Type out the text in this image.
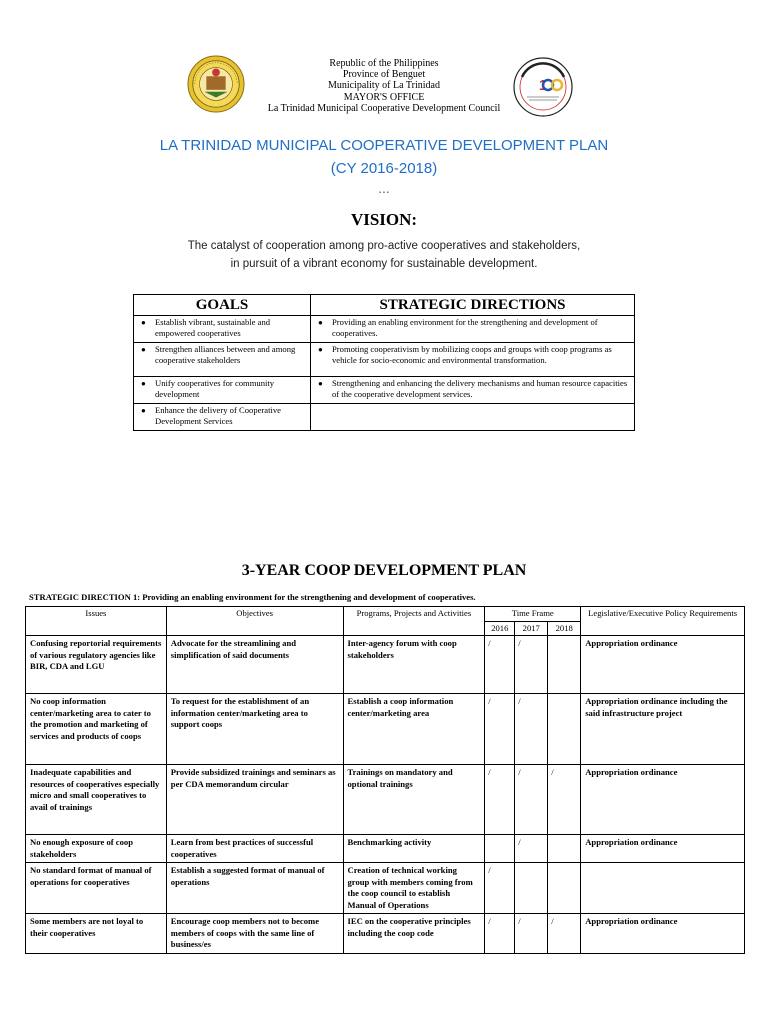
1
Republic of the Philippines
Province of Benguet
Municipality of La Trinidad
MAYOR'S OFFICE
La Trinidad Municipal Cooperative Development Council
LA TRINIDAD MUNICIPAL COOPERATIVE DEVELOPMENT PLAN
(CY 2016-2018)
...
VISION:
The catalyst of cooperation among pro-active cooperatives and stakeholders,
in pursuit of a vibrant economy for sustainable development.
GOALS	STRATEGIC DIRECTIONS

● Establish vibrant, sustainable and empowered cooperatives	● Providing an enabling environment for the strengthening and development of cooperatives.

● Strengthen alliances between and among cooperative stakeholders	● Promoting cooperativism by mobilizing coops and groups with coop programs as vehicle for socio-economic and environmental transformation.

● Unify cooperatives for community development	● Strengthening and enhancing the delivery mechanisms and human resource capacities of the cooperative development services.

● Enhance the delivery of Cooperative Development Services	

3-YEAR COOP DEVELOPMENT PLAN
STRATEGIC DIRECTION 1: Providing an enabling environment for the strengthening and development of cooperatives.
Issues	Objectives	Programs, Projects and Activities	Time Frame			Legislative/Executive Policy Requirements
			2016	2017	2018	
Confusing reportorial requirements of various regulatory agencies like BIR, CDA and LGU	Advocate for the streamlining and simplification of said documents	Inter-agency forum with coop stakeholders	/	/		Appropriation ordinance
No coop information center/marketing area to cater to the promotion and marketing of services and products of coops	To request for the establishment of an information center/marketing area to support coops	Establish a coop information center/marketing area	/	/		Appropriation ordinance including the said infrastructure project
Inadequate capabilities and resources of cooperatives especially micro and small cooperatives to avail of trainings	Provide subsidized trainings and seminars as per CDA memorandum circular	Trainings on mandatory and optional trainings	/	/	/	Appropriation ordinance
No enough exposure of coop stakeholders	Learn from best practices of successful cooperatives	Benchmarking activity		/		Appropriation ordinance
No standard format of manual of operations for cooperatives	Establish a suggested format of manual of operations	Creation of technical working group with members coming from the coop council to establish Manual of Operations	/			
Some members are not loyal to their cooperatives	Encourage coop members not to become members of coops with the same line of business/es	IEC on the cooperative principles including the coop code	/	/	/	Appropriation ordinance
